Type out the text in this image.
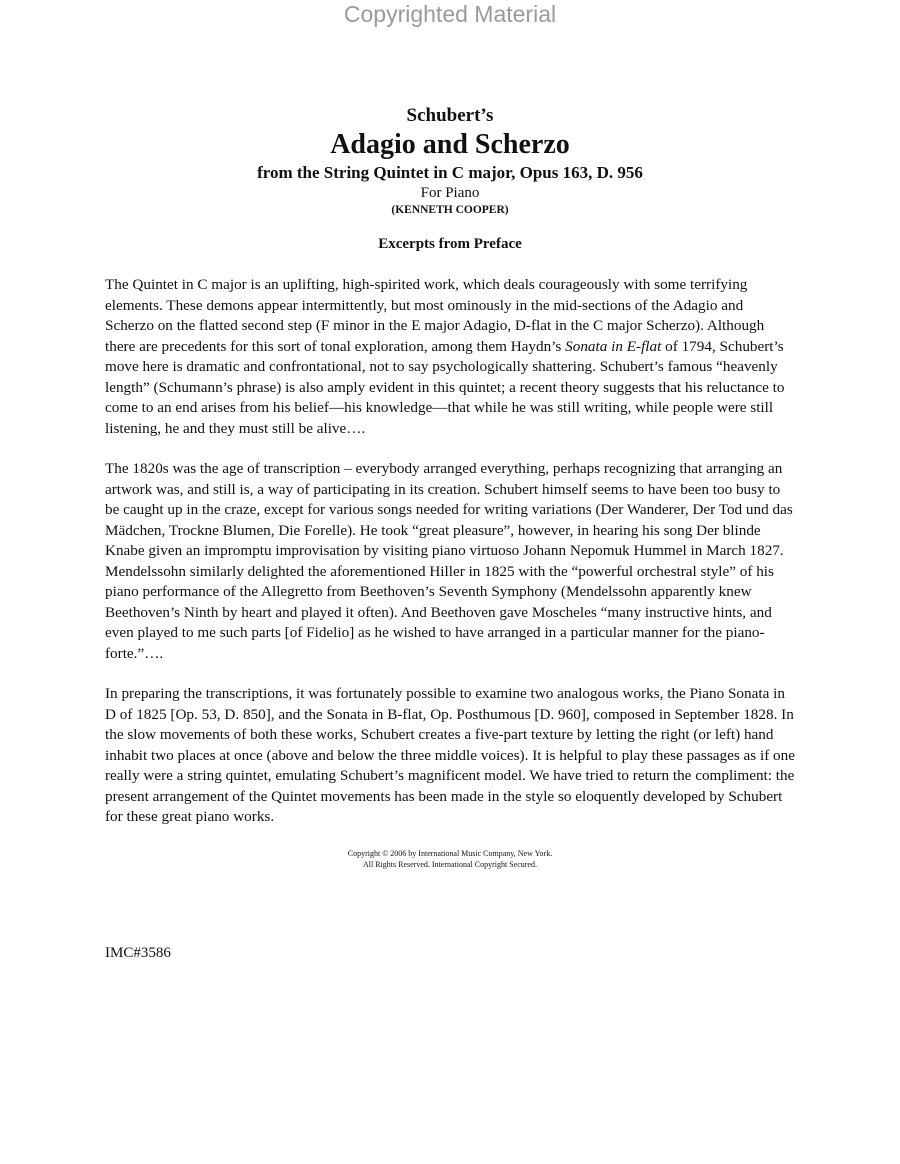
Copyrighted Material

Schubert’s

Adagio and Scherzo

from the String Quintet in C major, Opus 163, D. 956

For Piano

(KENNETH COOPER)

Excerpts from Preface

The Quintet in C major is an uplifting, high-spirited work, which deals courageously with some terrifying elements. These demons appear intermittently, but most ominously in the mid-sections of the Adagio and Scherzo on the flatted second step (F minor in the E major Adagio, D-flat in the C major Scherzo). Although there are precedents for this sort of tonal exploration, among them Haydn’s Sonata in E-flat of 1794, Schubert’s move here is dramatic and confrontational, not to say psychologically shattering. Schubert’s famous “heavenly length” (Schumann’s phrase) is also amply evident in this quintet; a recent theory suggests that his reluctance to come to an end arises from his belief—his knowledge—that while he was still writing, while people were still listening, he and they must still be alive….

The 1820s was the age of transcription – everybody arranged everything, perhaps recognizing that arranging an artwork was, and still is, a way of participating in its creation. Schubert himself seems to have been too busy to be caught up in the craze, except for various songs needed for writing variations (Der Wanderer, Der Tod und das Mädchen, Trockne Blumen, Die Forelle). He took “great pleasure”, however, in hearing his song Der blinde Knabe given an impromptu improvisation by visiting piano virtuoso Johann Nepomuk Hummel in March 1827. Mendelssohn similarly delighted the aforementioned Hiller in 1825 with the “powerful orchestral style” of his piano performance of the Allegretto from Beethoven’s Seventh Symphony (Mendelssohn apparently knew Beethoven’s Ninth by heart and played it often). And Beethoven gave Moscheles “many instructive hints, and even played to me such parts [of Fidelio] as he wished to have arranged in a particular manner for the piano-forte.”….

In preparing the transcriptions, it was fortunately possible to examine two analogous works, the Piano Sonata in D of 1825 [Op. 53, D. 850], and the Sonata in B-flat, Op. Posthumous [D. 960], composed in September 1828. In the slow movements of both these works, Schubert creates a five-part texture by letting the right (or left) hand inhabit two places at once (above and below the three middle voices). It is helpful to play these passages as if one really were a string quintet, emulating Schubert’s magnificent model. We have tried to return the compliment: the present arrangement of the Quintet movements has been made in the style so eloquently developed by Schubert for these great piano works.

Copyright © 2006 by International Music Company, New York.
All Rights Reserved. International Copyright Secured.
IMC#3586
